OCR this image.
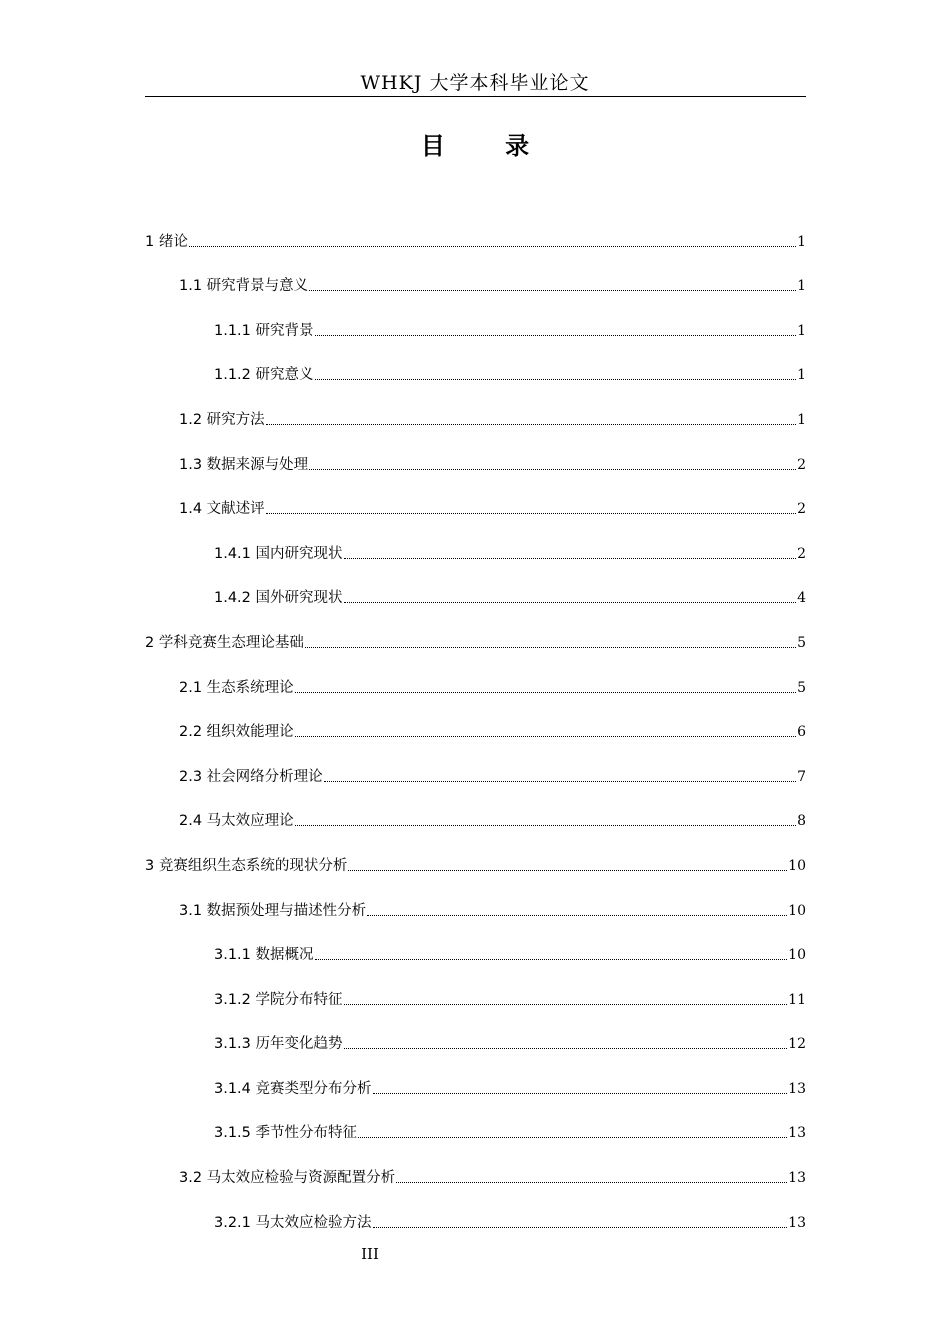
WHKJ 大学本科毕业论文
目 录
1 绪论	1
1.1 研究背景与意义	1
1.1.1 研究背景	1
1.1.2 研究意义	1
1.2 研究方法	1
1.3 数据来源与处理	2
1.4 文献述评	2
1.4.1 国内研究现状	2
1.4.2 国外研究现状	4
2 学科竞赛生态理论基础	5
2.1 生态系统理论	5
2.2 组织效能理论	6
2.3 社会网络分析理论	7
2.4 马太效应理论	8
3 竞赛组织生态系统的现状分析	10
3.1 数据预处理与描述性分析	10
3.1.1 数据概况	10
3.1.2 学院分布特征	11
3.1.3 历年变化趋势	12
3.1.4 竞赛类型分布分析	13
3.1.5 季节性分布特征	13
3.2 马太效应检验与资源配置分析	13
3.2.1 马太效应检验方法	13
III
